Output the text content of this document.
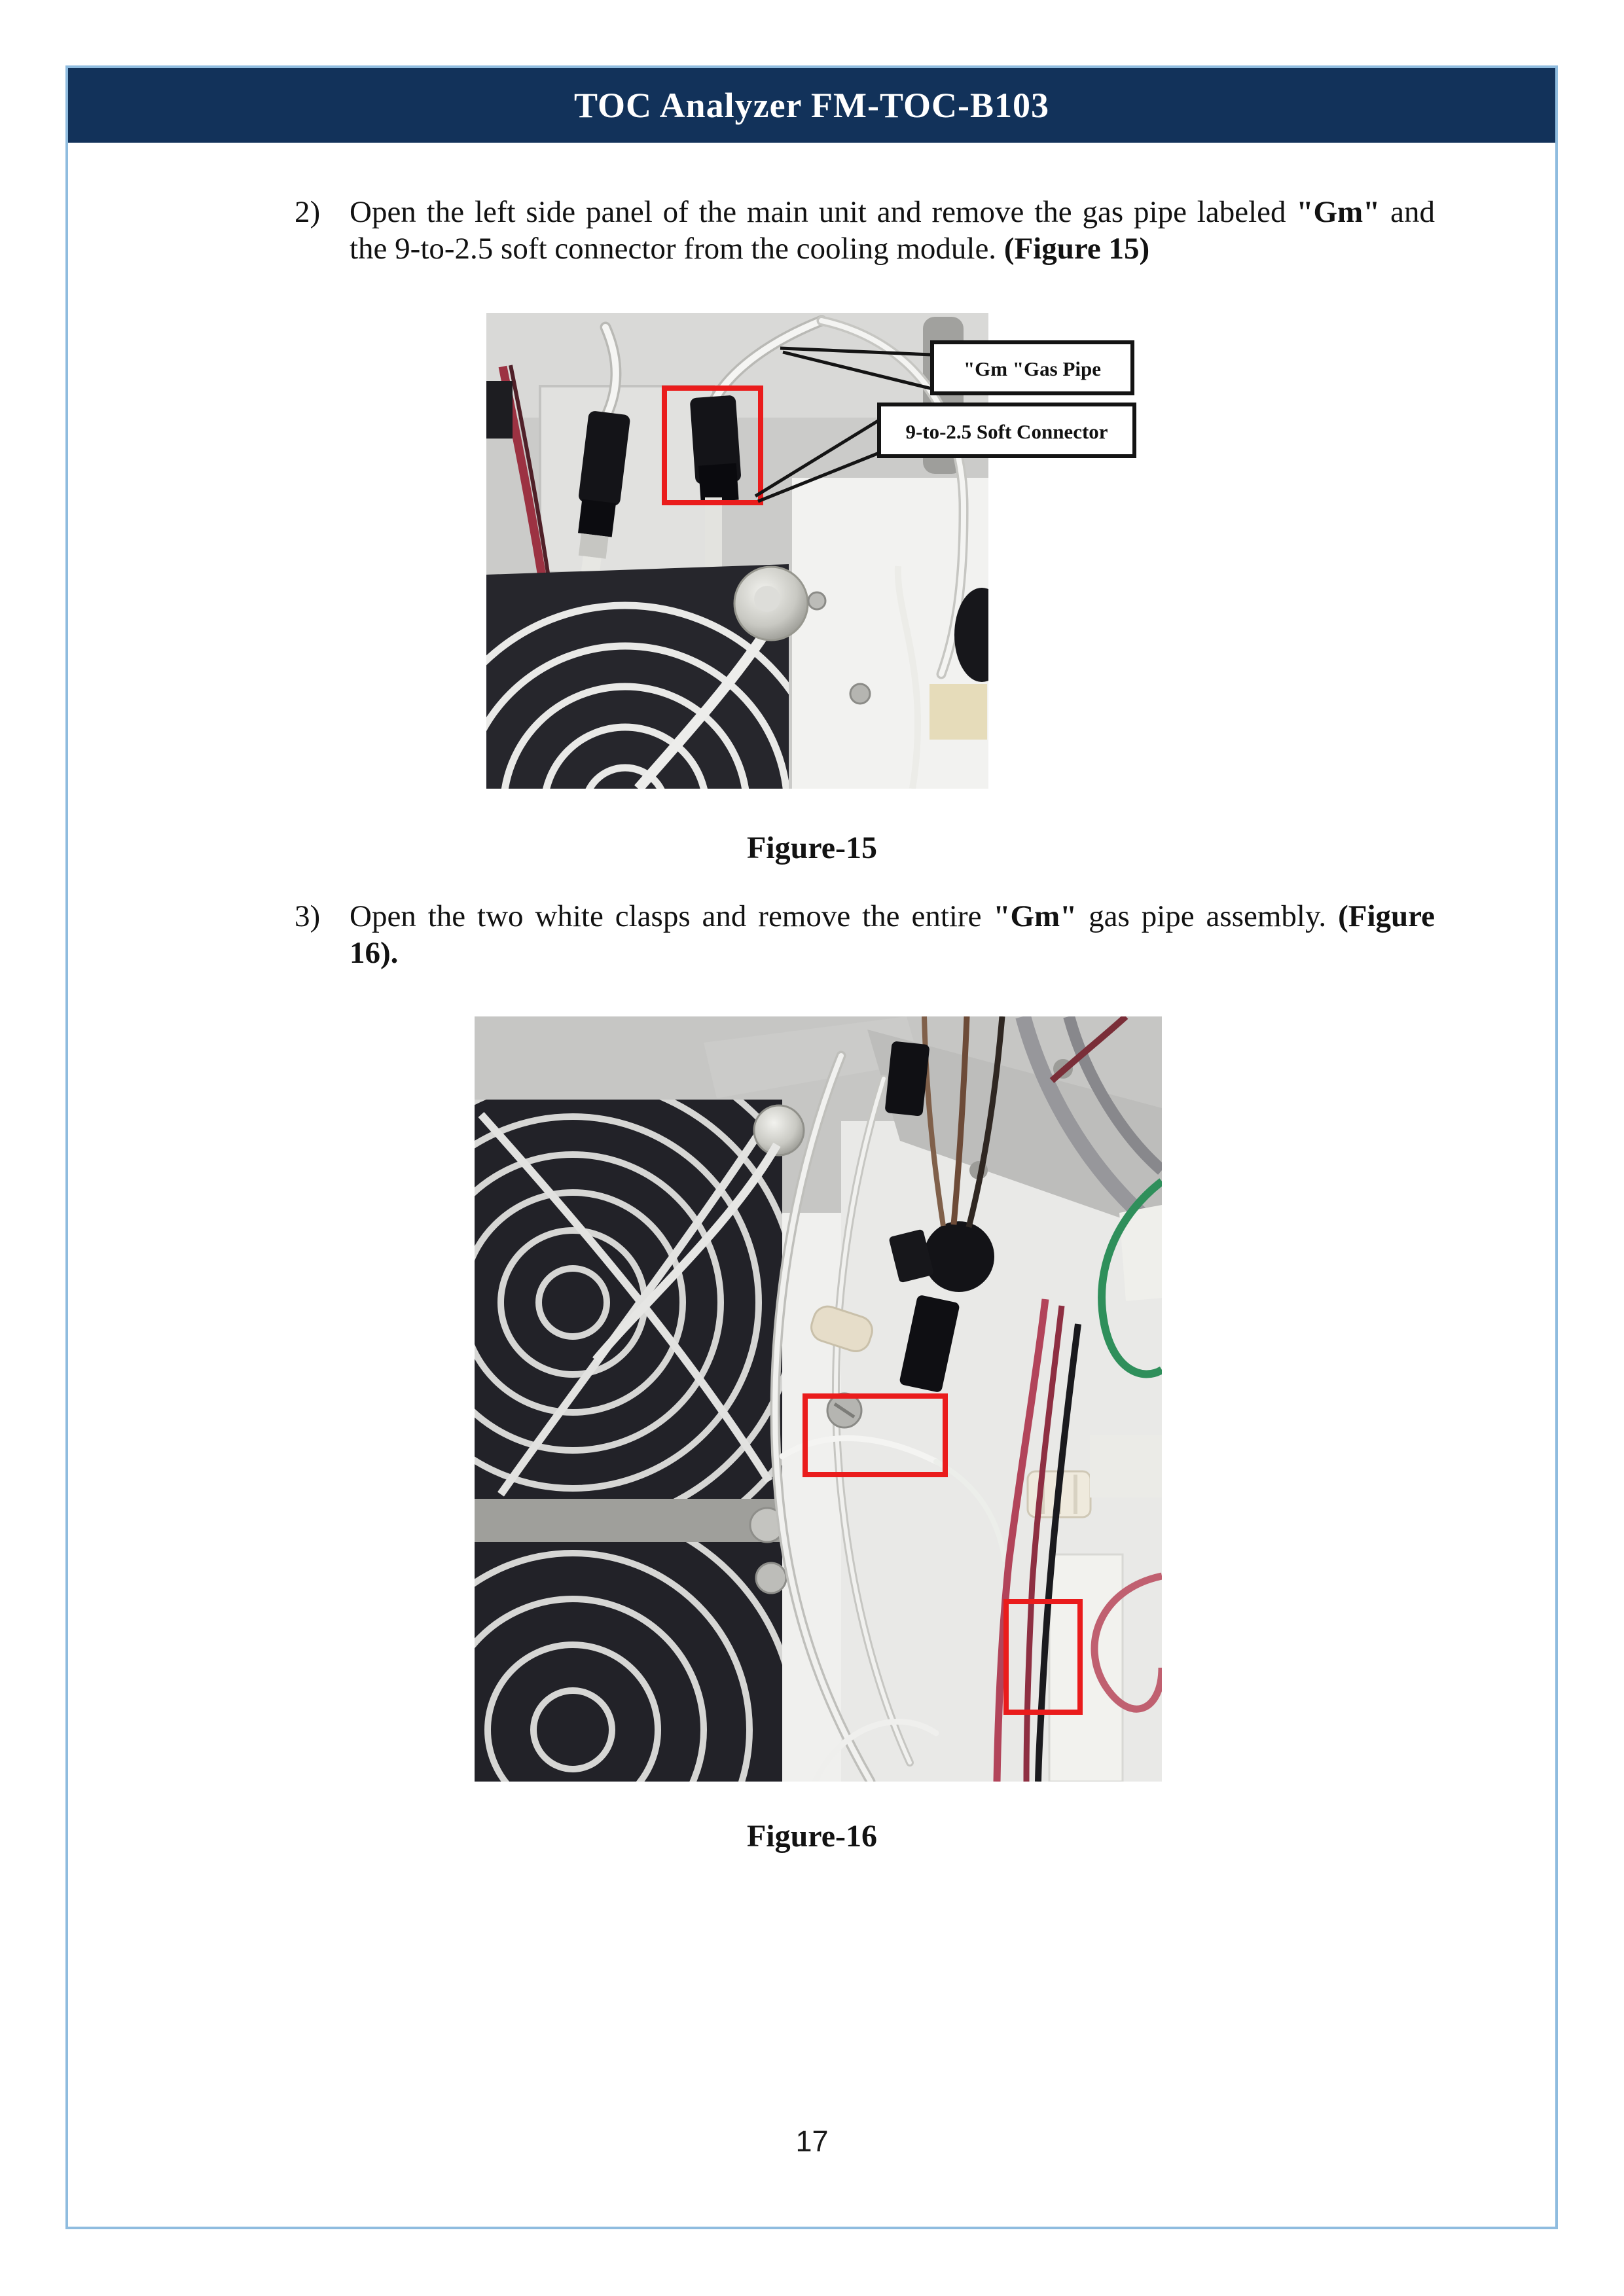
TOC Analyzer FM-TOC-B103
2) Open the left side panel of the main unit and remove the gas pipe labeled "Gm" and the 9-to-2.5 soft connector from the cooling module. (Figure 15)
"Gm "Gas Pipe
9-to-2.5 Soft Connector
Figure-15
3) Open the two white clasps and remove the entire "Gm" gas pipe assembly. (Figure 16).
Figure-16
17
